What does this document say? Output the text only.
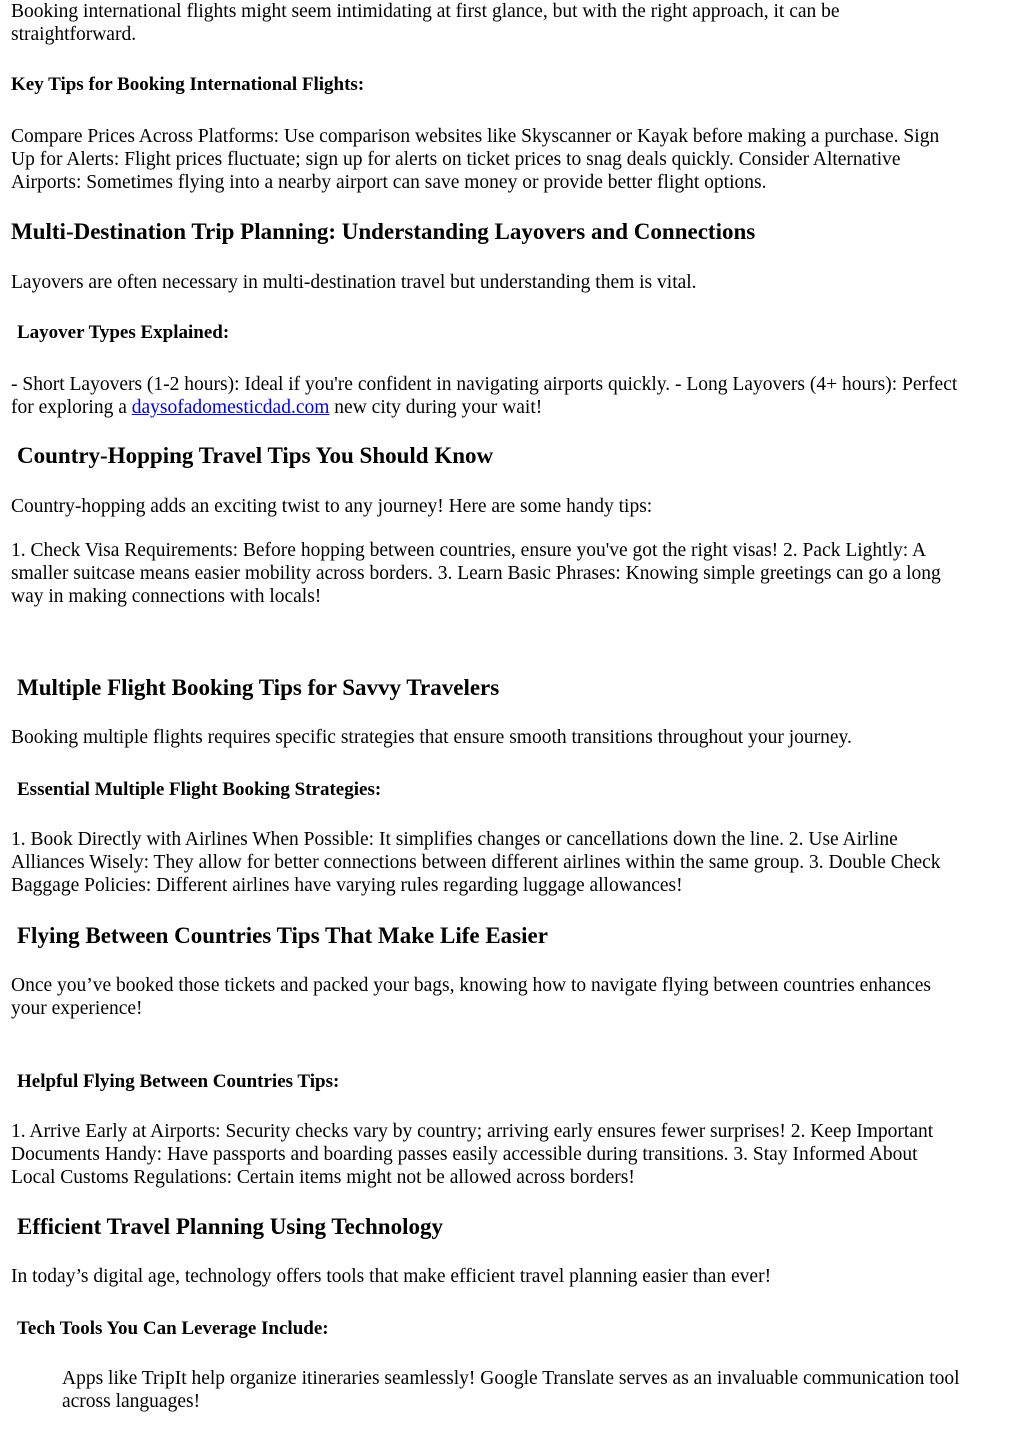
Booking international flights might seem intimidating at first glance, but with the right approach, it can be
straightforward.

Key Tips for Booking International Flights:

Compare Prices Across Platforms: Use comparison websites like Skyscanner or Kayak before making a purchase. Sign
Up for Alerts: Flight prices fluctuate; sign up for alerts on ticket prices to snag deals quickly. Consider Alternative
Airports: Sometimes flying into a nearby airport can save money or provide better flight options.

Multi-Destination Trip Planning: Understanding Layovers and Connections

Layovers are often necessary in multi-destination travel but understanding them is vital.

Layover Types Explained:

- Short Layovers (1-2 hours): Ideal if you're confident in navigating airports quickly. - Long Layovers (4+ hours): Perfect
for exploring a daysofadomesticdad.com new city during your wait!

Country-Hopping Travel Tips You Should Know

Country-hopping adds an exciting twist to any journey! Here are some handy tips:

1. Check Visa Requirements: Before hopping between countries, ensure you've got the right visas! 2. Pack Lightly: A
smaller suitcase means easier mobility across borders. 3. Learn Basic Phrases: Knowing simple greetings can go a long
way in making connections with locals!

Multiple Flight Booking Tips for Savvy Travelers

Booking multiple flights requires specific strategies that ensure smooth transitions throughout your journey.

Essential Multiple Flight Booking Strategies:

1. Book Directly with Airlines When Possible: It simplifies changes or cancellations down the line. 2. Use Airline
Alliances Wisely: They allow for better connections between different airlines within the same group. 3. Double Check
Baggage Policies: Different airlines have varying rules regarding luggage allowances!

Flying Between Countries Tips That Make Life Easier

Once you’ve booked those tickets and packed your bags, knowing how to navigate flying between countries enhances
your experience!

Helpful Flying Between Countries Tips:

1. Arrive Early at Airports: Security checks vary by country; arriving early ensures fewer surprises! 2. Keep Important
Documents Handy: Have passports and boarding passes easily accessible during transitions. 3. Stay Informed About
Local Customs Regulations: Certain items might not be allowed across borders!

Efficient Travel Planning Using Technology

In today’s digital age, technology offers tools that make efficient travel planning easier than ever!

Tech Tools You Can Leverage Include:
Apps like TripIt help organize itineraries seamlessly! Google Translate serves as an invaluable communication tool
across languages!
